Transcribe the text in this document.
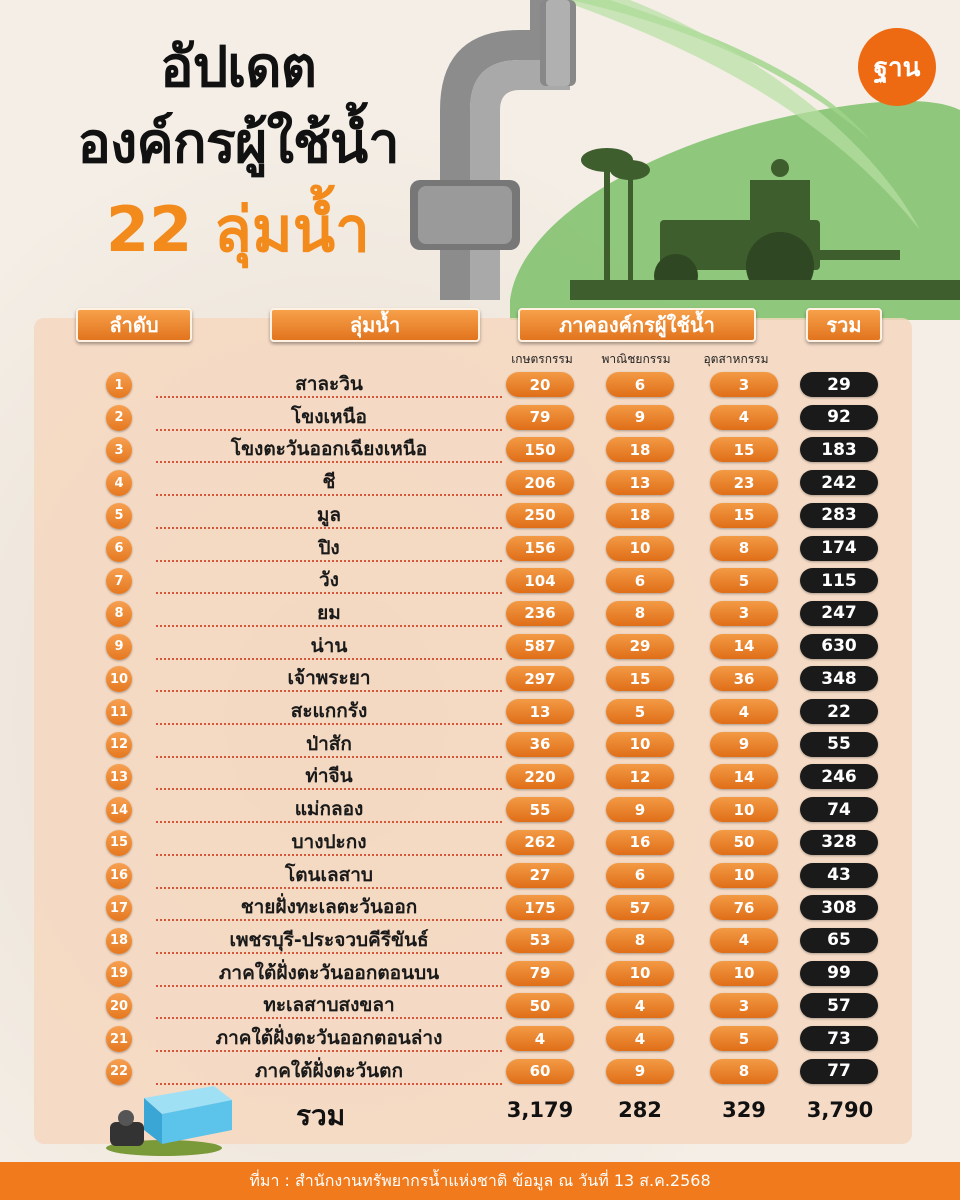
อัปเดต
องค์กรผู้ใช้น้ำ
22 ลุ่มน้ำ
ฐาน
ลำดับ	ลุ่มน้ำ	ภาคองค์กรผู้ใช้น้ำ	รวม
เกษตรกรรม	พาณิชยกรรม	อุตสาหกรรม
1	สาละวิน	20	6	3	29
2	โขงเหนือ	79	9	4	92
3	โขงตะวันออกเฉียงเหนือ	150	18	15	183
4	ชี	206	13	23	242
5	มูล	250	18	15	283
6	ปิง	156	10	8	174
7	วัง	104	6	5	115
8	ยม	236	8	3	247
9	น่าน	587	29	14	630
10	เจ้าพระยา	297	15	36	348
11	สะแกกรัง	13	5	4	22
12	ป่าสัก	36	10	9	55
13	ท่าจีน	220	12	14	246
14	แม่กลอง	55	9	10	74
15	บางปะกง	262	16	50	328
16	โตนเลสาบ	27	6	10	43
17	ชายฝั่งทะเลตะวันออก	175	57	76	308
18	เพชรบุรี-ประจวบคีรีขันธ์	53	8	4	65
19	ภาคใต้ฝั่งตะวันออกตอนบน	79	10	10	99
20	ทะเลสาบสงขลา	50	4	3	57
21	ภาคใต้ฝั่งตะวันออกตอนล่าง	4	4	5	73
22	ภาคใต้ฝั่งตะวันตก	60	9	8	77
รวม	3,179	282	329	3,790
ที่มา : สำนักงานทรัพยากรน้ำแห่งชาติ ข้อมูล ณ วันที่ 13 ส.ค.2568
